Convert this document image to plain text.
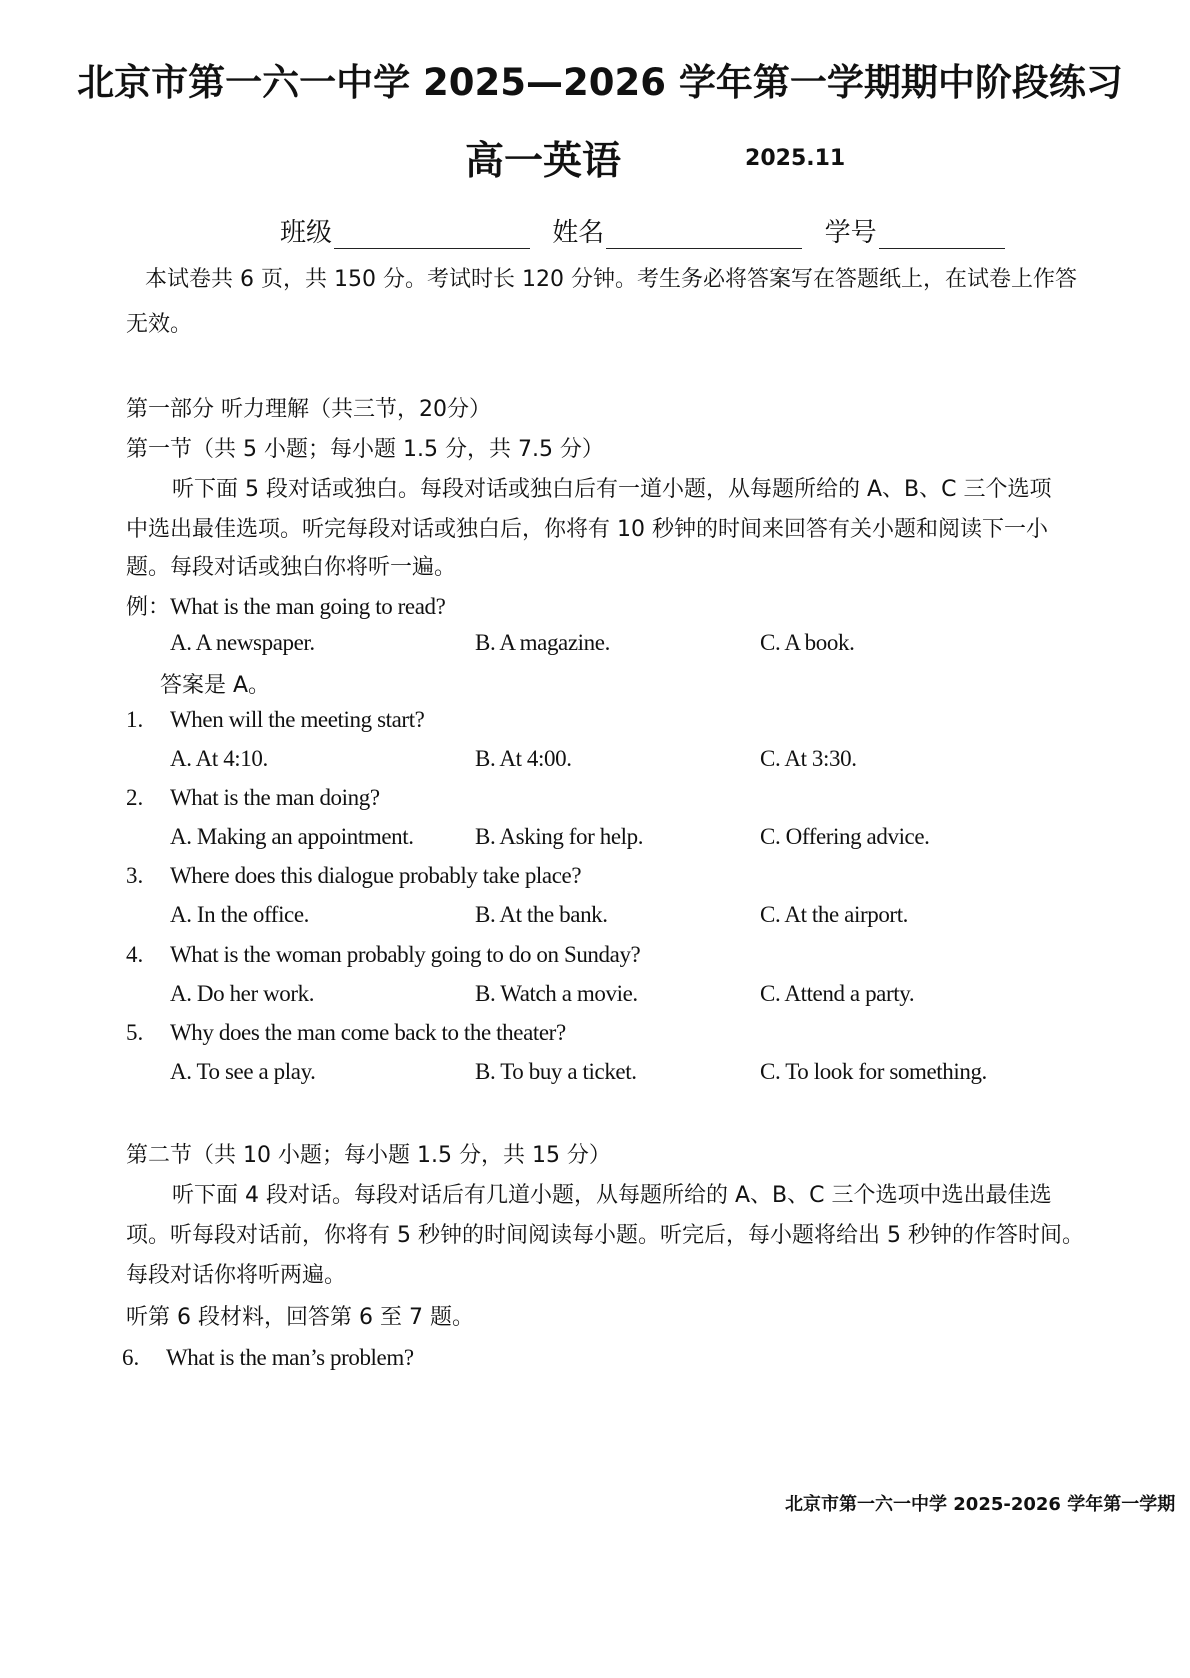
北京市第一六一中学 2025—2026 学年第一学期期中阶段练习
高一英语	2025.11
班级	姓名	学号
本试卷共 6 页，共 150 分。考试时长 120 分钟。考生务必将答案写在答题纸上，在试卷上作答
无效。
第一部分 听力理解（共三节，20分）
第一节（共 5 小题；每小题 1.5 分，共 7.5 分）
听下面 5 段对话或独白。每段对话或独白后有一道小题，从每题所给的 A、B、C 三个选项
中选出最佳选项。听完每段对话或独白后，你将有 10 秒钟的时间来回答有关小题和阅读下一小
题。每段对话或独白你将听一遍。
例：What is the man going to read?
A. A newspaper.	B. A magazine.	C. A book.
答案是 A。
1. When will the meeting start?
A. At 4:10.	B. At 4:00.	C. At 3:30.
2. What is the man doing?
A. Making an appointment.	B. Asking for help.	C. Offering advice.
3. Where does this dialogue probably take place?
A. In the office.	B. At the bank.	C. At the airport.
4. What is the woman probably going to do on Sunday?
A. Do her work.	B. Watch a movie.	C. Attend a party.
5. Why does the man come back to the theater?
A. To see a play.	B. To buy a ticket.	C. To look for something.
第二节（共 10 小题；每小题 1.5 分，共 15 分）
听下面 4 段对话。每段对话后有几道小题，从每题所给的 A、B、C 三个选项中选出最佳选
项。听每段对话前，你将有 5 秒钟的时间阅读每小题。听完后，每小题将给出 5 秒钟的作答时间。
每段对话你将听两遍。
听第 6 段材料，回答第 6 至 7 题。
6. What is the man’s problem?
北京市第一六一中学 2025-2026 学年第一学期
